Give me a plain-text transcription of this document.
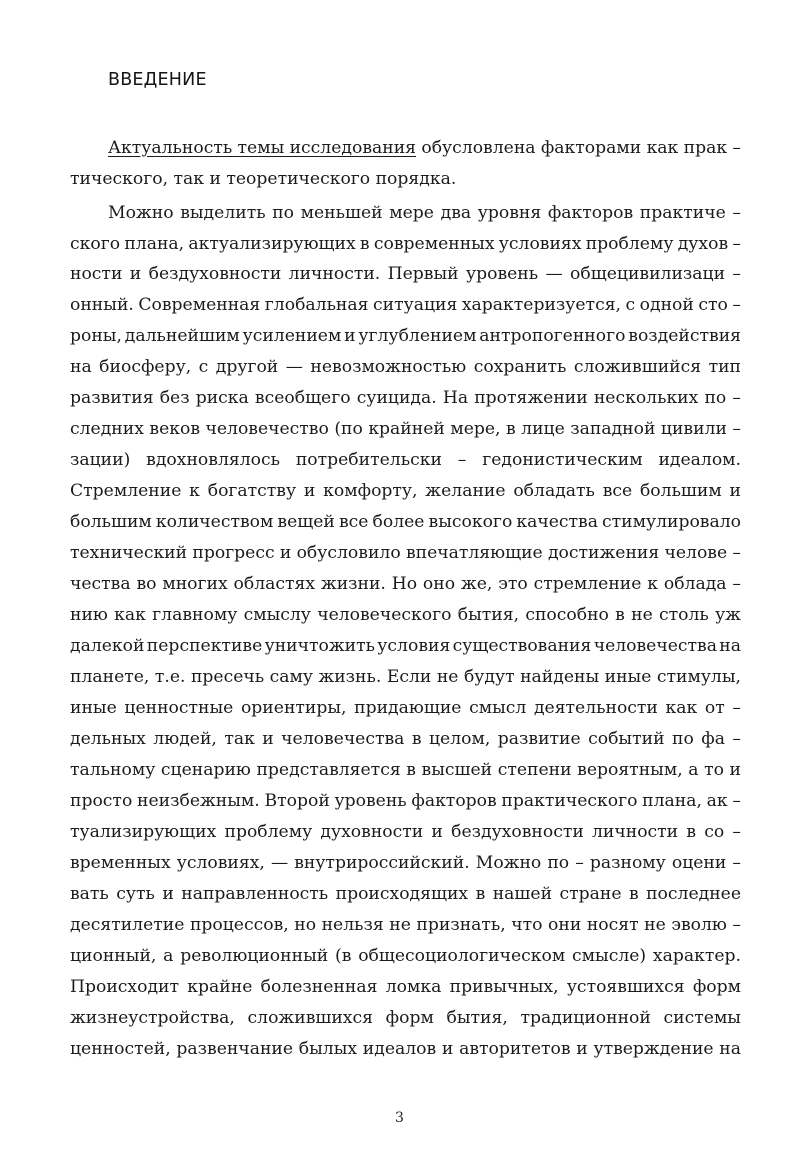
ВВЕДЕНИЕ
Актуальность темы исследования обусловлена факторами как прак –
тического, так и теоретического порядка.
Можно выделить по меньшей мере два уровня факторов практиче –
ского плана, актуализирующих в современных условиях проблему духов –
ности и бездуховности личности. Первый уровень — общецивилизаци –
онный. Современная глобальная ситуация характеризуется, с одной сто –
роны, дальнейшим усилением и углублением антропогенного воздействия
на биосферу, с другой — невозможностью сохранить сложившийся тип
развития без риска всеобщего суицида. На протяжении нескольких по –
следних веков человечество (по крайней мере, в лице западной цивили –
зации) вдохновлялось потребительски – гедонистическим идеалом.
Стремление к богатству и комфорту, желание обладать все большим и
большим количеством вещей все более высокого качества стимулировало
технический прогресс и обусловило впечатляющие достижения челове –
чества во многих областях жизни. Но оно же, это стремление к облада –
нию как главному смыслу человеческого бытия, способно в не столь уж
далекой перспективе уничтожить условия существования человечества на
планете, т.е. пресечь саму жизнь. Если не будут найдены иные стимулы,
иные ценностные ориентиры, придающие смысл деятельности как от –
дельных людей, так и человечества в целом, развитие событий по фа –
тальному сценарию представляется в высшей степени вероятным, а то и
просто неизбежным. Второй уровень факторов практического плана, ак –
туализирующих проблему духовности и бездуховности личности в со –
временных условиях, — внутрироссийский. Можно по – разному оцени –
вать суть и направленность происходящих в нашей стране в последнее
десятилетие процессов, но нельзя не признать, что они носят не эволю –
ционный, а революционный (в общесоциологическом смысле) характер.
Происходит крайне болезненная ломка привычных, устоявшихся форм
жизнеустройства, сложившихся форм бытия, традиционной системы
ценностей, развенчание былых идеалов и авторитетов и утверждение на
3
